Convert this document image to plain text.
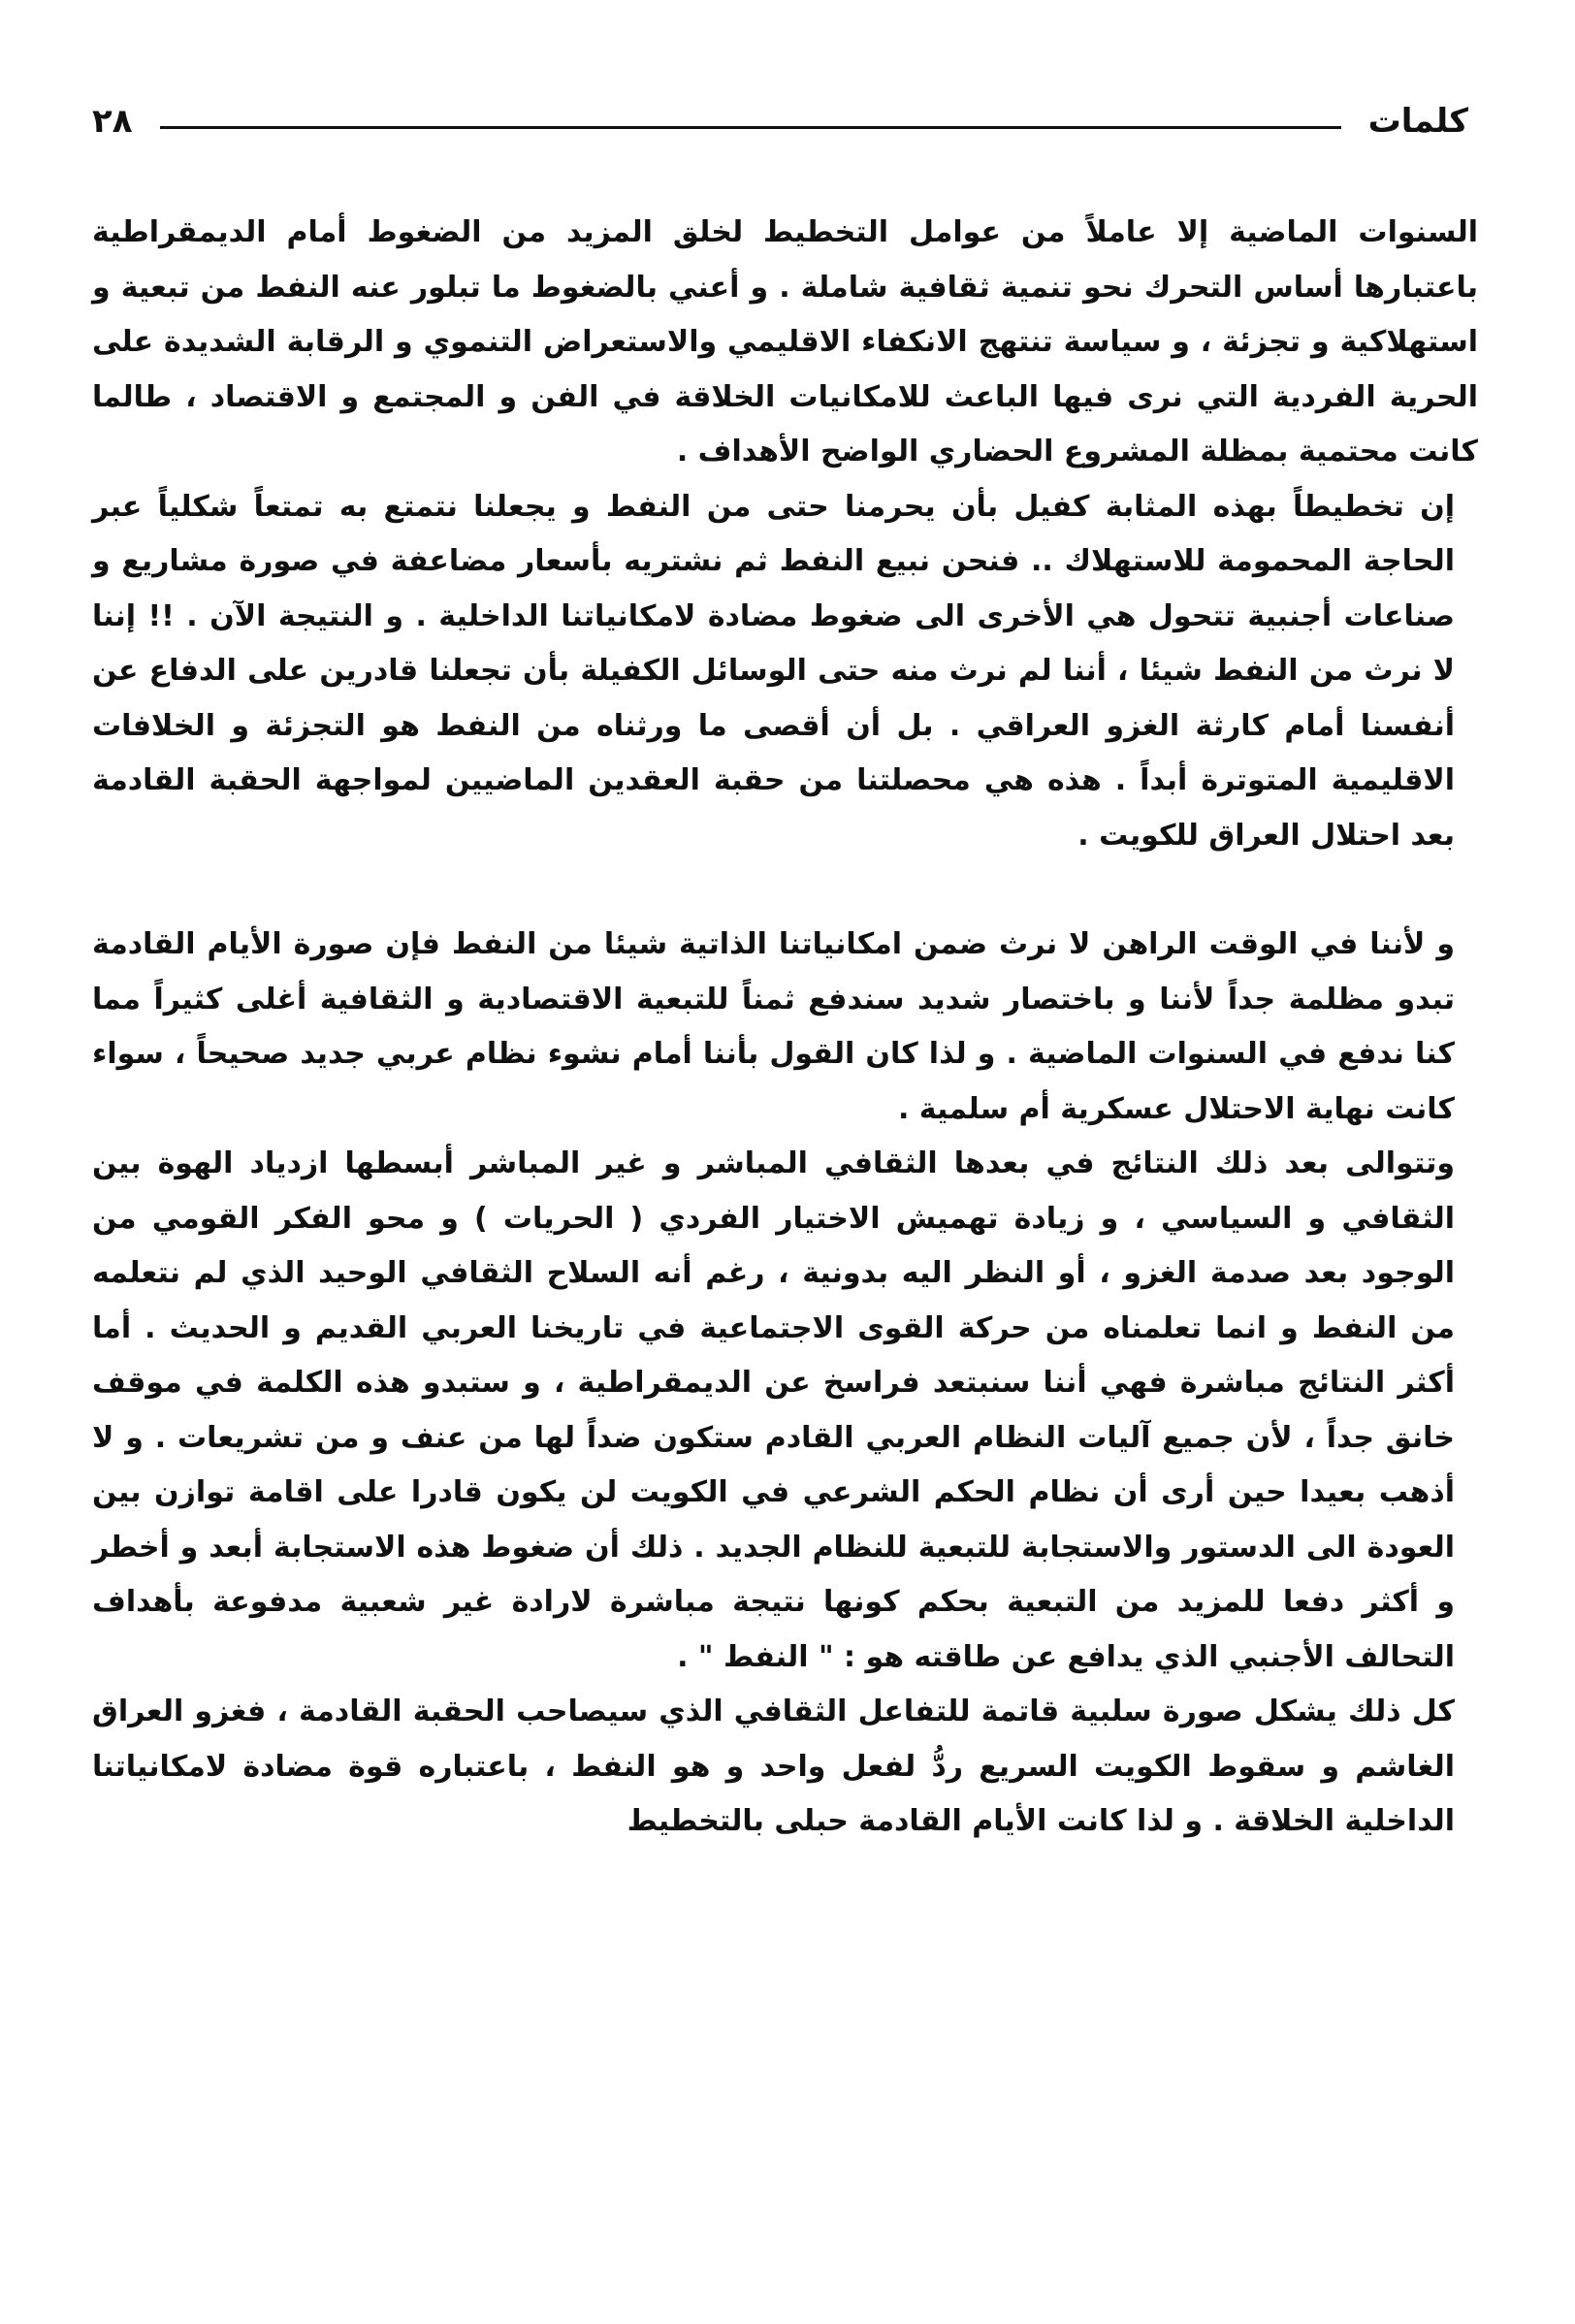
كلمات
٢٨

السنوات الماضية إلا عاملاً من عوامل التخطيط لخلق المزيد من الضغوط أمام الديمقراطية باعتبارها أساس التحرك نحو تنمية ثقافية شاملة . و أعني بالضغوط ما تبلور عنه النفط من تبعية و استهلاكية و تجزئة ، و سياسة تنتهج الانكفاء الاقليمي والاستعراض التنموي و الرقابة الشديدة على الحرية الفردية التي نرى فيها الباعث للامكانيات الخلاقة في الفن و المجتمع و الاقتصاد ، طالما كانت محتمية بمظلة المشروع الحضاري الواضح الأهداف .

إن تخطيطاً بهذه المثابة كفيل بأن يحرمنا حتى من النفط و يجعلنا نتمتع به تمتعاً شكلياً عبر الحاجة المحمومة للاستهلاك .. فنحن نبيع النفط ثم نشتريه بأسعار مضاعفة في صورة مشاريع و صناعات أجنبية تتحول هي الأخرى الى ضغوط مضادة لامكانياتنا الداخلية . و النتيجة الآن . !! إننا لا نرث من النفط شيئا ، أننا لم نرث منه حتى الوسائل الكفيلة بأن تجعلنا قادرين على الدفاع عن أنفسنا أمام كارثة الغزو العراقي . بل أن أقصى ما ورثناه من النفط هو التجزئة و الخلافات الاقليمية المتوترة أبداً . هذه هي محصلتنا من حقبة العقدين الماضيين لمواجهة الحقبة القادمة بعد احتلال العراق للكويت .

و لأننا في الوقت الراهن لا نرث ضمن امكانياتنا الذاتية شيئا من النفط فإن صورة الأيام القادمة تبدو مظلمة جداً لأننا و باختصار شديد سندفع ثمناً للتبعية الاقتصادية و الثقافية أغلى كثيراً مما كنا ندفع في السنوات الماضية . و لذا كان القول بأننا أمام نشوء نظام عربي جديد صحيحاً ، سواء كانت نهاية الاحتلال عسكرية أم سلمية .

وتتوالى بعد ذلك النتائج في بعدها الثقافي المباشر و غير المباشر أبسطها ازدياد الهوة بين الثقافي و السياسي ، و زيادة تهميش الاختيار الفردي ( الحريات ) و محو الفكر القومي من الوجود بعد صدمة الغزو ، أو النظر اليه بدونية ، رغم أنه السلاح الثقافي الوحيد الذي لم نتعلمه من النفط و انما تعلمناه من حركة القوى الاجتماعية في تاريخنا العربي القديم و الحديث . أما أكثر النتائج مباشرة فهي أننا سنبتعد فراسخ عن الديمقراطية ، و ستبدو هذه الكلمة في موقف خانق جداً ، لأن جميع آليات النظام العربي القادم ستكون ضداً لها من عنف و من تشريعات . و لا أذهب بعيدا حين أرى أن نظام الحكم الشرعي في الكويت لن يكون قادرا على اقامة توازن بين العودة الى الدستور والاستجابة للتبعية للنظام الجديد . ذلك أن ضغوط هذه الاستجابة أبعد و أخطر و أكثر دفعا للمزيد من التبعية بحكم كونها نتيجة مباشرة لارادة غير شعبية مدفوعة بأهداف التحالف الأجنبي الذي يدافع عن طاقته هو : " النفط " .

كل ذلك يشكل صورة سلبية قاتمة للتفاعل الثقافي الذي سيصاحب الحقبة القادمة ، فغزو العراق الغاشم و سقوط الكويت السريع ردُّ لفعل واحد و هو النفط ، باعتباره قوة مضادة لامكانياتنا الداخلية الخلاقة . و لذا كانت الأيام القادمة حبلى بالتخطيط
